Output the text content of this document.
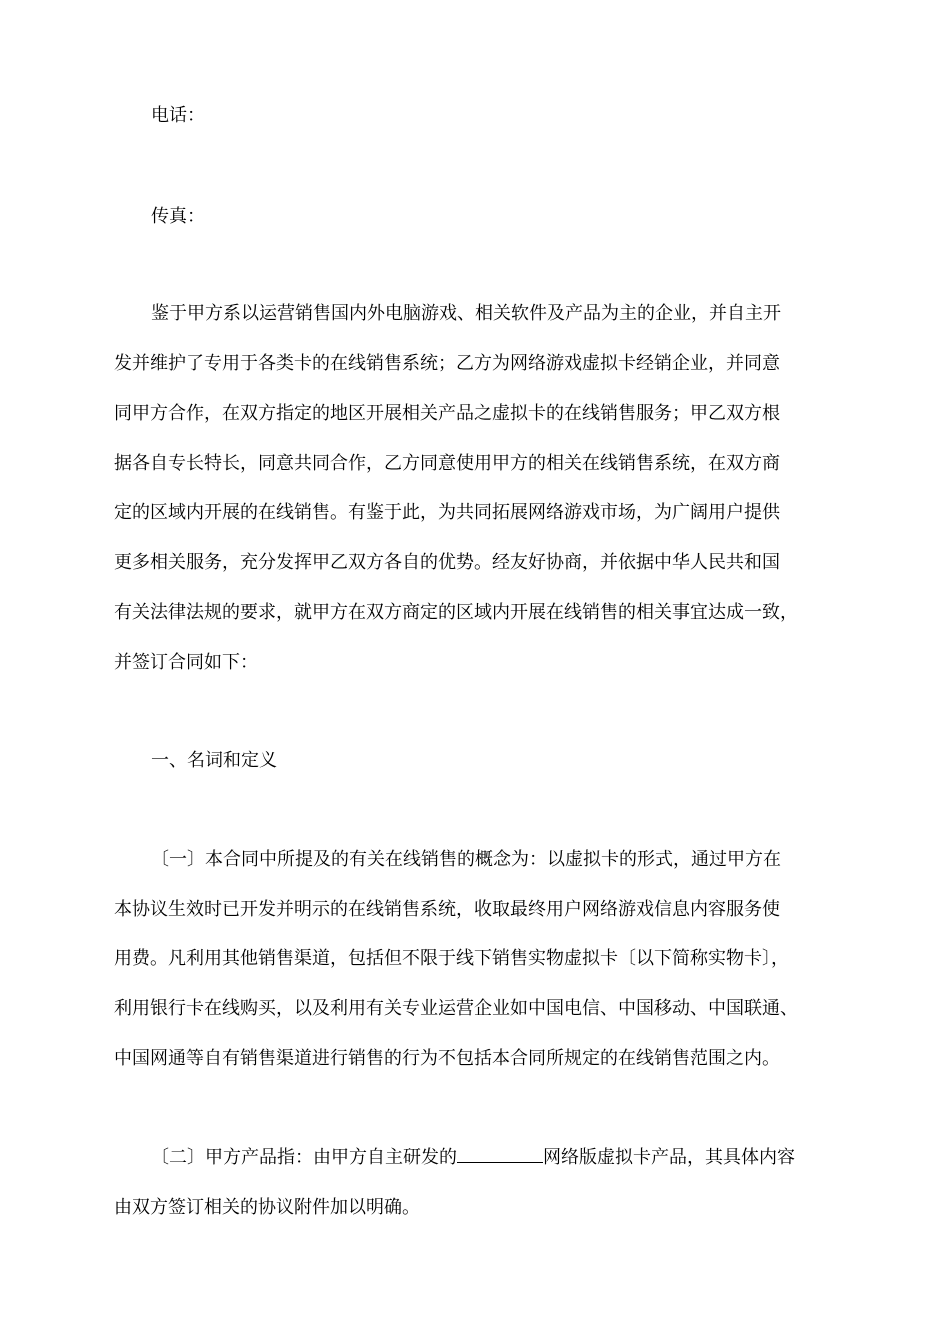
电话：
传真：
鉴于甲方系以运营销售国内外电脑游戏、相关软件及产品为主的企业，并自主开
发并维护了专用于各类卡的在线销售系统；乙方为网络游戏虚拟卡经销企业，并同意
同甲方合作，在双方指定的地区开展相关产品之虚拟卡的在线销售服务；甲乙双方根
据各自专长特长，同意共同合作，乙方同意使用甲方的相关在线销售系统，在双方商
定的区域内开展的在线销售。有鉴于此，为共同拓展网络游戏市场，为广阔用户提供
更多相关服务，充分发挥甲乙双方各自的优势。经友好协商，并依据中华人民共和国
有关法律法规的要求，就甲方在双方商定的区域内开展在线销售的相关事宜达成一致，
并签订合同如下：
一、名词和定义
〔一〕本合同中所提及的有关在线销售的概念为：以虚拟卡的形式，通过甲方在
本协议生效时已开发并明示的在线销售系统，收取最终用户网络游戏信息内容服务使
用费。凡利用其他销售渠道，包括但不限于线下销售实物虚拟卡〔以下简称实物卡〕，
利用银行卡在线购买，以及利用有关专业运营企业如中国电信、中国移动、中国联通、
中国网通等自有销售渠道进行销售的行为不包括本合同所规定的在线销售范围之内。
〔二〕甲方产品指：由甲方自主研发的	网络版虚拟卡产品，其具体内容
由双方签订相关的协议附件加以明确。
